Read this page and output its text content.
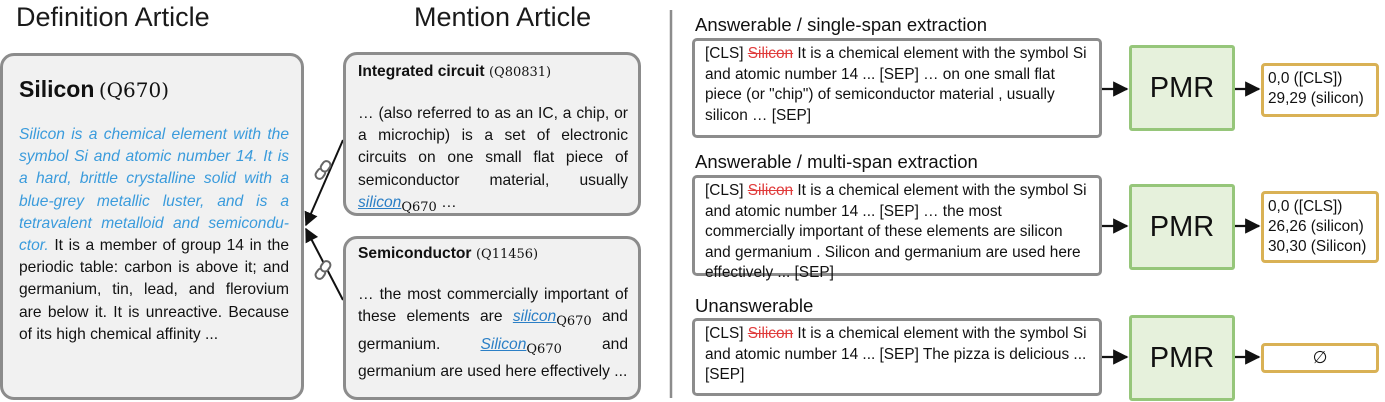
Definition Article	Mention Article
Silicon (Q670)
Silicon is a chemical element with the symbol Si and atomic number 14. It is a hard, brittle crystalline solid with a blue-grey metallic luster, and is a tetravalent metalloid and semicondu-ctor. It is a member of group 14 in the periodic table: carbon is above it; and germanium, tin, lead, and flerovium are below it. It is unreactive. Because of its high chemical affinity ...
Integrated circuit (Q80831)
… (also referred to as an IC, a chip, or a microchip) is a set of electronic circuits on one small flat piece of semiconductor material, usually silicon$_{Q670}$ …
Semiconductor (Q11456)
… the most commercially important of these elements are silicon$_{Q670}$ and germanium. Silicon$_{Q670}$ and germanium are used here effectively ...
Answerable / single-span extraction
[CLS] Silicon It is a chemical element with the symbol Si and atomic number 14 ... [SEP] … on one small flat piece (or "chip") of semiconductor material , usually silicon … [SEP]
PMR	0,0 ([CLS])
29,29 (silicon)
Answerable / multi-span extraction
[CLS] Silicon It is a chemical element with the symbol Si and atomic number 14 ... [SEP] … the most commercially important of these elements are silicon and germanium . Silicon and germanium are used here effectively ... [SEP]
PMR
0,0 ([CLS])
26,26 (silicon)
30,30 (Silicon)
Unanswerable
[CLS] Silicon It is a chemical element with the symbol Si and atomic number 14 ... [SEP] The pizza is delicious ... [SEP]
PMR	∅
